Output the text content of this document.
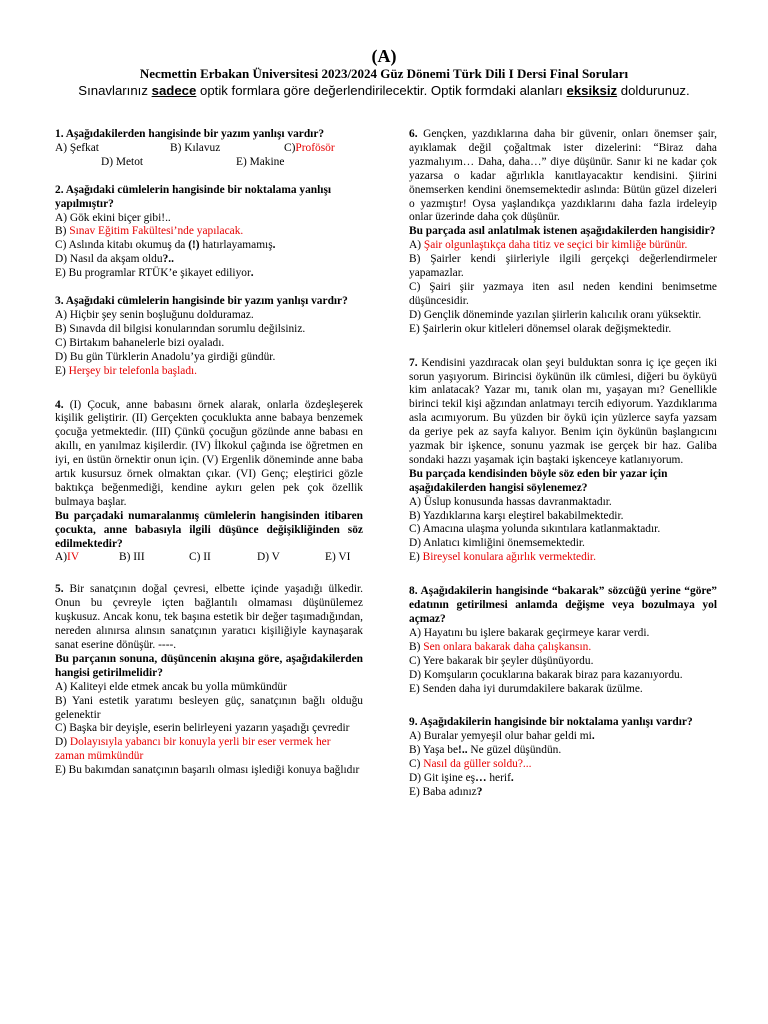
(A)
Necmettin Erbakan Üniversitesi 2023/2024 Güz Dönemi Türk Dili I Dersi Final Soruları
Sınavlarınız sadece optik formlara göre değerlendirilecektir. Optik formdaki alanları eksiksiz doldurunuz.
1. Aşağıdakilerden hangisinde bir yazım yanlışı vardır?
A) Şefkat	B) Kılavuz	C)Profösör
D) Metot	E) Makine
2. Aşağıdaki cümlelerin hangisinde bir noktalama yanlışı yapılmıştır?
A) Gök ekini biçer gibi!..
B) Sınav Eğitim Fakültesi’nde yapılacak.
C) Aslında kitabı okumuş da (!) hatırlayamamış.
D) Nasıl da akşam oldu?..
E) Bu programlar RTÜK’e şikayet ediliyor.
3. Aşağıdaki cümlelerin hangisinde bir yazım yanlışı vardır?
A) Hiçbir şey senin boşluğunu dolduramaz.
B) Sınavda dil bilgisi konularından sorumlu değilsiniz.
C) Birtakım bahanelerle bizi oyaladı.
D) Bu gün Türklerin Anadolu’ya girdiği gündür.
E) Herşey bir telefonla başladı.
4. (I) Çocuk, anne babasını örnek alarak, onlarla özdeşleşerek kişilik geliştirir. (II) Gerçekten çocuklukta anne babaya benzemek çocuğa yetmektedir. (III) Çünkü çocuğun gözünde anne babası en akıllı, en yanılmaz kişilerdir. (IV) İlkokul çağında ise öğretmen en iyi, en üstün örnektir onun için. (V) Ergenlik döneminde anne baba artık kusursuz örnek olmaktan çıkar. (VI) Genç; eleştirici gözle baktıkça beğenmediği, kendine aykırı gelen pek çok özellik bulmaya başlar.
Bu parçadaki numaralanmış cümlelerin hangisinden itibaren çocukta, anne babasıyla ilgili düşünce değişikliğinden söz edilmektedir?
A)IV	B) III	C) II	D) V	E) VI
5. Bir sanatçının doğal çevresi, elbette içinde yaşadığı ülkedir. Onun bu çevreyle içten bağlantılı olmaması düşünülemez kuşkusuz. Ancak konu, tek başına estetik bir değer taşımadığından, nereden alınırsa alınsın sanatçının yaratıcı kişiliğiyle kaynaşarak sanat eserine dönüşür. ----.
Bu parçanın sonuna, düşüncenin akışına göre, aşağıdakilerden hangisi getirilmelidir?
A) Kaliteyi elde etmek ancak bu yolla mümkündür
B) Yani estetik yaratımı besleyen güç, sanatçının bağlı olduğu gelenektir
C) Başka bir deyişle, eserin belirleyeni yazarın yaşadığı çevredir
D) Dolayısıyla yabancı bir konuyla yerli bir eser vermek her zaman mümkündür
E) Bu bakımdan sanatçının başarılı olması işlediği konuya bağlıdır
6. Gençken, yazdıklarına daha bir güvenir, onları önemser şair, ayıklamak değil çoğaltmak ister dizelerini: “Biraz daha yazmalıyım… Daha, daha…” diye düşünür. Sanır ki ne kadar çok yazarsa o kadar ağırlıkla kanıtlayacaktır kendisini. Şiirini önemserken kendini önemsemektedir aslında: Bütün güzel dizeleri o yazmıştır! Oysa yaşlandıkça yazdıklarını daha fazla irdeleyip onlar üzerinde daha çok düşünür.
Bu parçada asıl anlatılmak istenen aşağıdakilerden hangisidir?
A) Şair olgunlaştıkça daha titiz ve seçici bir kimliğe bürünür.
B) Şairler kendi şiirleriyle ilgili gerçekçi değerlendirmeler yapamazlar.
C) Şairi şiir yazmaya iten asıl neden kendini benimsetme düşüncesidir.
D) Gençlik döneminde yazılan şiirlerin kalıcılık oranı yüksektir.
E) Şairlerin okur kitleleri dönemsel olarak değişmektedir.
7. Kendisini yazdıracak olan şeyi bulduktan sonra iç içe geçen iki sorun yaşıyorum. Birincisi öykünün ilk cümlesi, diğeri bu öyküyü kim anlatacak? Yazar mı, tanık olan mı, yaşayan mı? Genellikle birinci tekil kişi ağzından anlatmayı tercih ediyorum. Yazdıklarıma asla acımıyorum. Bu yüzden bir öykü için yüzlerce sayfa yazsam da geriye pek az sayfa kalıyor. Benim için öykünün başlangıcını yazmak bir işkence, sonunu yazmak ise gerçek bir haz. Galiba sondaki hazzı yaşamak için baştaki işkenceye katlanıyorum.
Bu parçada kendisinden böyle söz eden bir yazar için aşağıdakilerden hangisi söylenemez?
A) Üslup konusunda hassas davranmaktadır.
B) Yazdıklarına karşı eleştirel bakabilmektedir.
C) Amacına ulaşma yolunda sıkıntılara katlanmaktadır.
D) Anlatıcı kimliğini önemsemektedir.
E) Bireysel konulara ağırlık vermektedir.
8. Aşağıdakilerin hangisinde “bakarak” sözcüğü yerine “göre” edatının getirilmesi anlamda değişme veya bozulmaya yol açmaz?
A) Hayatını bu işlere bakarak geçirmeye karar verdi.
B) Sen onlara bakarak daha çalışkansın.
C) Yere bakarak bir şeyler düşünüyordu.
D) Komşuların çocuklarına bakarak biraz para kazanıyordu.
E) Senden daha iyi durumdakilere bakarak üzülme.
9. Aşağıdakilerin hangisinde bir noktalama yanlışı vardır?
A) Buralar yemyeşil olur bahar geldi mi.
B) Yaşa be!.. Ne güzel düşündün.
C) Nasıl da güller soldu?...
D) Git işine eş… herif.
E) Baba adınız?
